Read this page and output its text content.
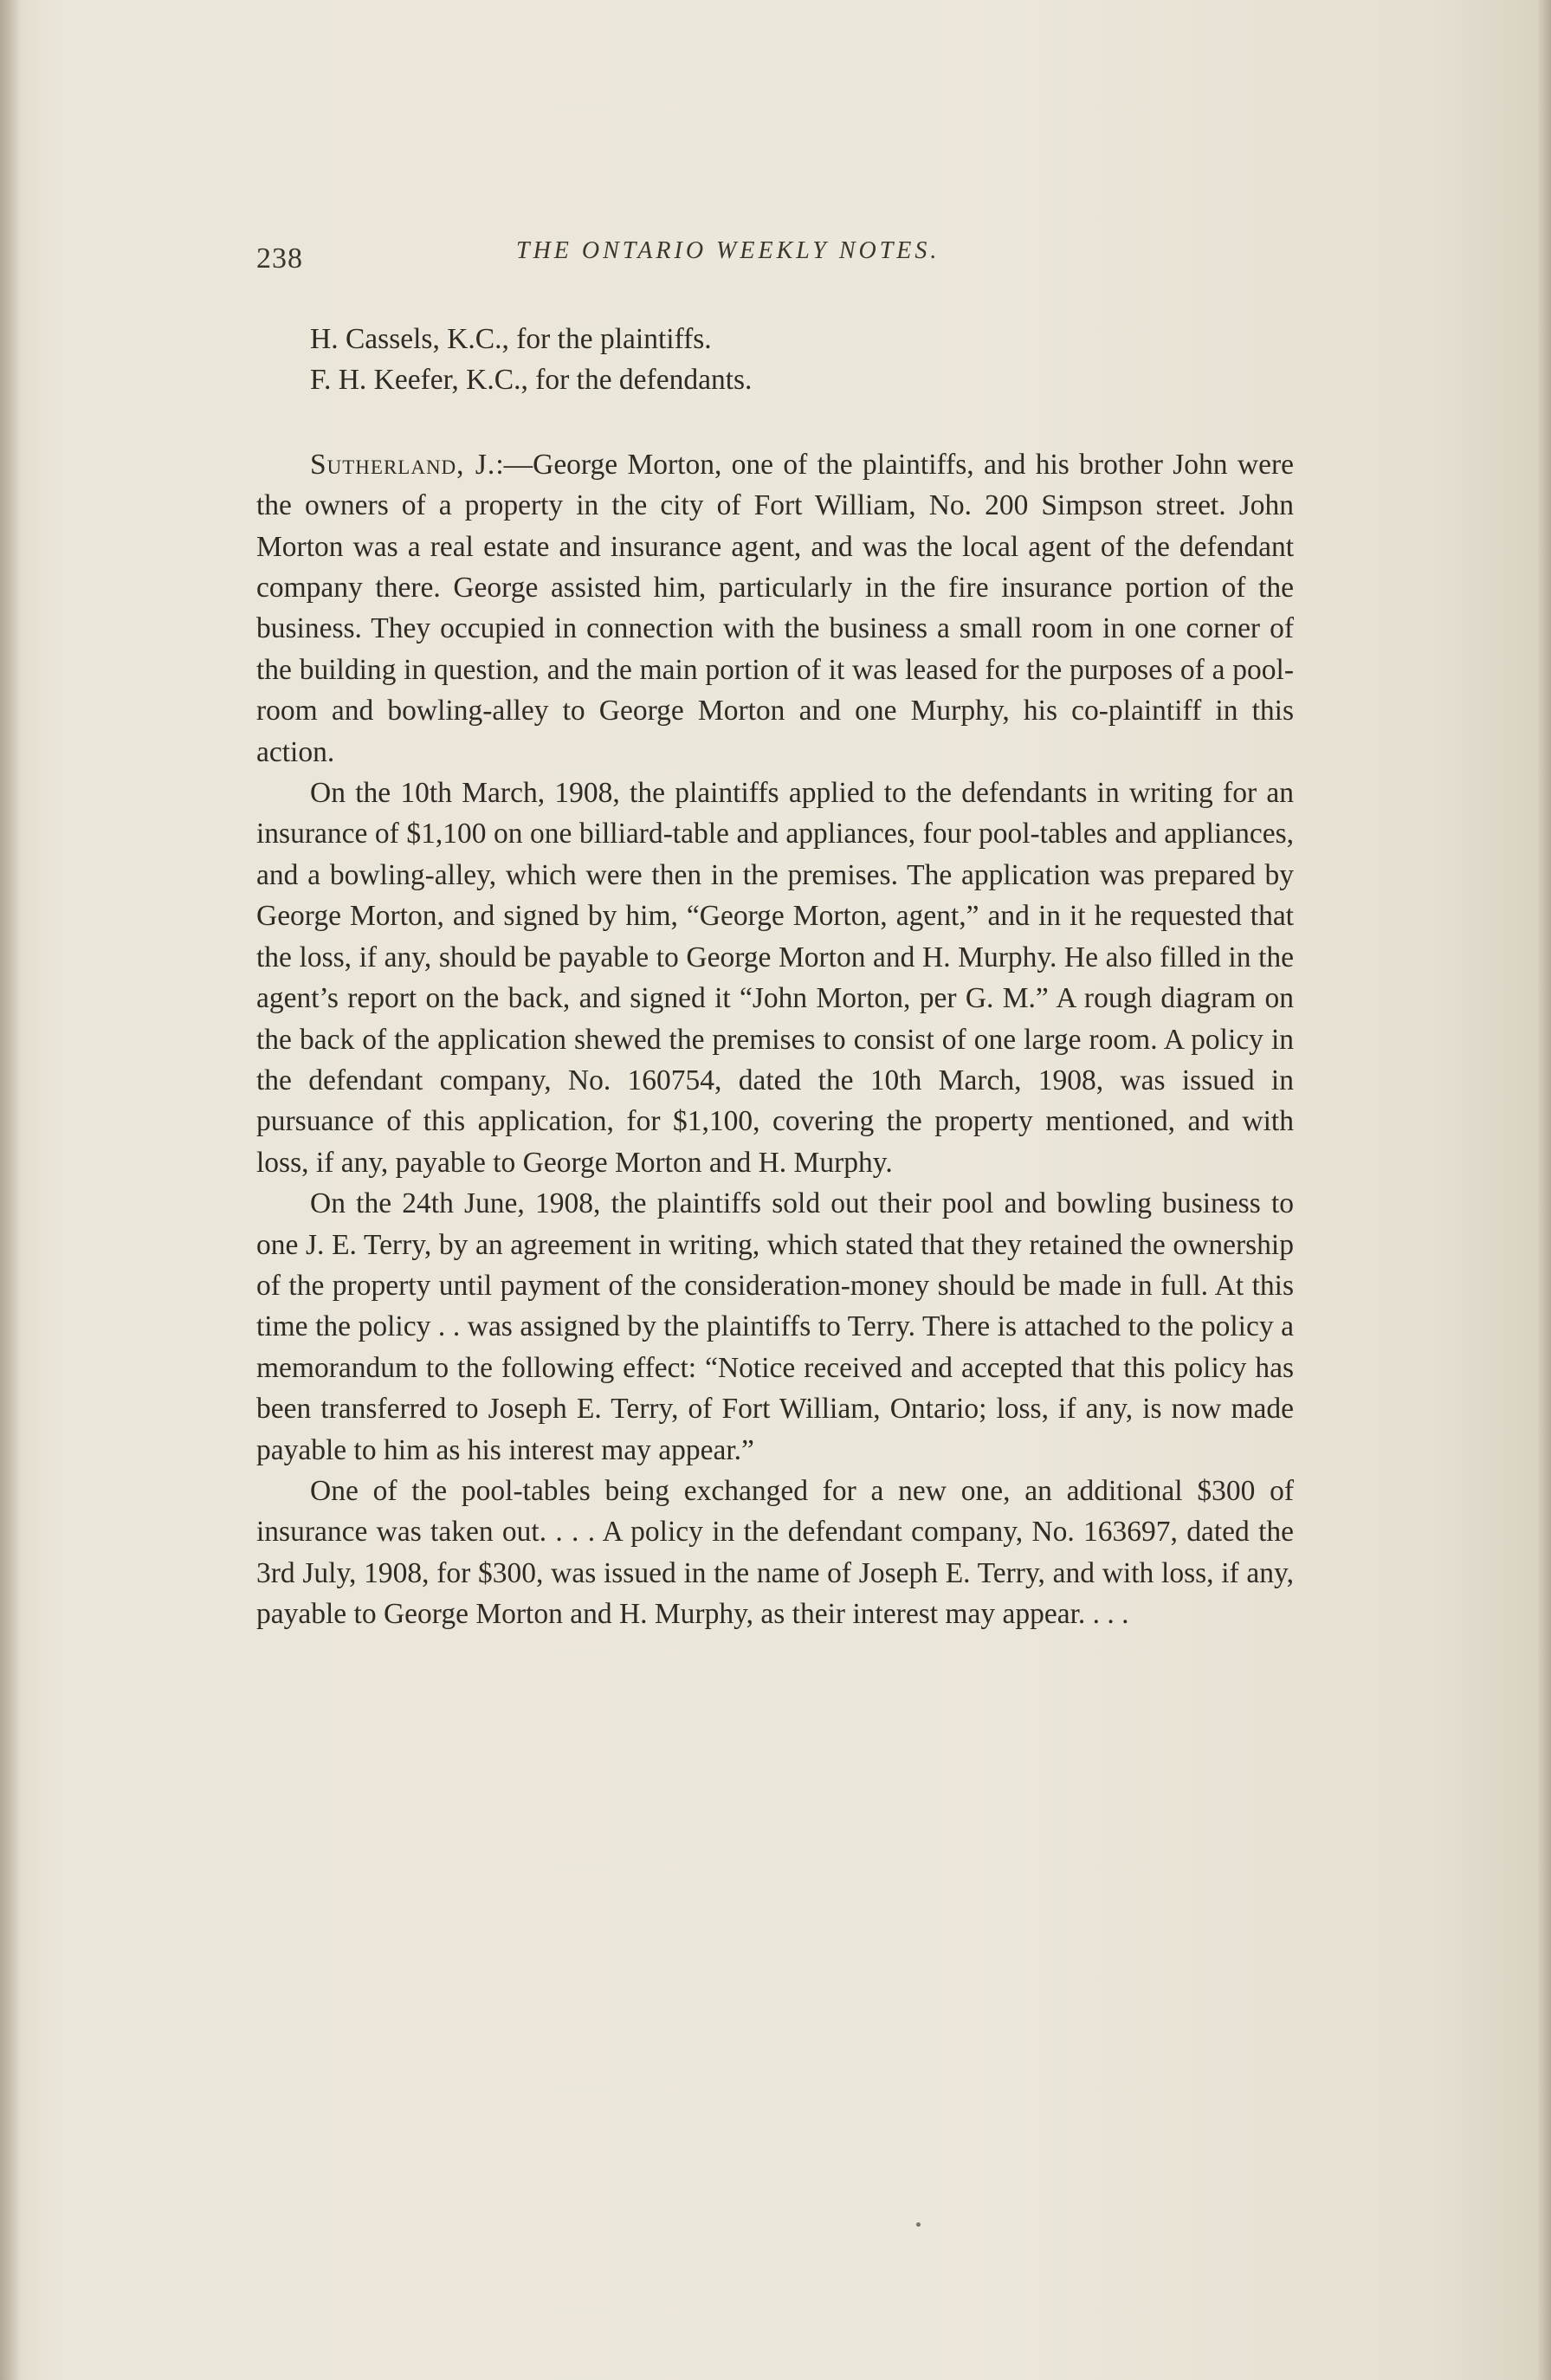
238	THE ONTARIO WEEKLY NOTES.

H. Cassels, K.C., for the plaintiffs.

F. H. Keefer, K.C., for the defendants.

Sutherland, J.:—George Morton, one of the plaintiffs, and his brother John were the owners of a property in the city of Fort William, No. 200 Simpson street. John Morton was a real estate and insurance agent, and was the local agent of the defendant company there. George assisted him, particularly in the fire insurance portion of the business. They occupied in connection with the business a small room in one corner of the building in question, and the main portion of it was leased for the purposes of a pool-room and bowling-alley to George Morton and one Murphy, his co-plaintiff in this action.

On the 10th March, 1908, the plaintiffs applied to the defendants in writing for an insurance of $1,100 on one billiard-table and appliances, four pool-tables and appliances, and a bowling-alley, which were then in the premises. The application was prepared by George Morton, and signed by him, “George Morton, agent,” and in it he requested that the loss, if any, should be payable to George Morton and H. Murphy. He also filled in the agent’s report on the back, and signed it “John Morton, per G. M.” A rough diagram on the back of the application shewed the premises to consist of one large room. A policy in the defendant company, No. 160754, dated the 10th March, 1908, was issued in pursuance of this application, for $1,100, covering the property mentioned, and with loss, if any, payable to George Morton and H. Murphy.

On the 24th June, 1908, the plaintiffs sold out their pool and bowling business to one J. E. Terry, by an agreement in writing, which stated that they retained the ownership of the property until payment of the consideration-money should be made in full. At this time the policy . . was assigned by the plaintiffs to Terry. There is attached to the policy a memorandum to the following effect: “Notice received and accepted that this policy has been transferred to Joseph E. Terry, of Fort William, Ontario; loss, if any, is now made payable to him as his interest may appear.”

One of the pool-tables being exchanged for a new one, an additional $300 of insurance was taken out. . . . A policy in the defendant company, No. 163697, dated the 3rd July, 1908, for $300, was issued in the name of Joseph E. Terry, and with loss, if any, payable to George Morton and H. Murphy, as their interest may appear. . . .
